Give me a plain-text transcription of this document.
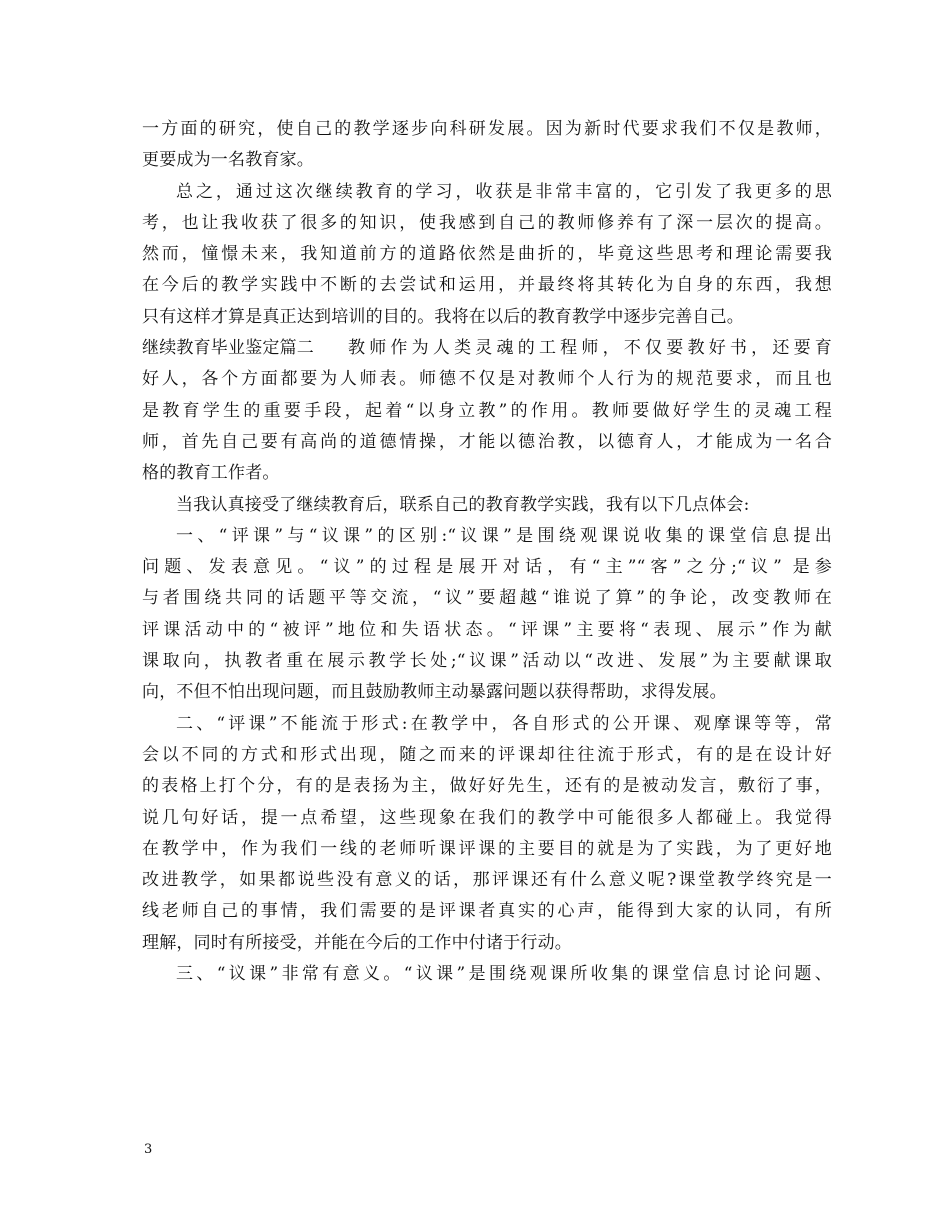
一方面的研究，使自己的教学逐步向科研发展。因为新时代要求我们不仅是教师，
更要成为一名教育家。
总之，通过这次继续教育的学习，收获是非常丰富的，它引发了我更多的思
考，也让我收获了很多的知识，使我感到自己的教师修养有了深一层次的提高。
然而，憧憬未来，我知道前方的道路依然是曲折的，毕竟这些思考和理论需要我
在今后的教学实践中不断的去尝试和运用，并最终将其转化为自身的东西，我想
只有这样才算是真正达到培训的目的。我将在以后的教育教学中逐步完善自己。
继续教育毕业鉴定篇二	教师作为人类灵魂的工程师，不仅要教好书，还要育
好人，各个方面都要为人师表。师德不仅是对教师个人行为的规范要求，而且也
是教育学生的重要手段，起着“以身立教”的作用。教师要做好学生的灵魂工程
师，首先自己要有高尚的道德情操，才能以德治教，以德育人，才能成为一名合
格的教育工作者。
当我认真接受了继续教育后，联系自己的教育教学实践，我有以下几点体会:
一、“评课”与“议课”的区别:“议课”是围绕观课说收集的课堂信息提出
问题、发表意见。“议”的过程是展开对话，有“主”“客”之分;“议” 是参
与者围绕共同的话题平等交流，“议”要超越“谁说了算”的争论，改变教师在
评课活动中的“被评”地位和失语状态。“评课”主要将“表现、展示”作为献
课取向，执教者重在展示教学长处;“议课”活动以“改进、发展”为主要献课取
向，不但不怕出现问题，而且鼓励教师主动暴露问题以获得帮助，求得发展。
二、“评课”不能流于形式:在教学中，各自形式的公开课、观摩课等等，常
会以不同的方式和形式出现，随之而来的评课却往往流于形式，有的是在设计好
的表格上打个分，有的是表扬为主，做好好先生，还有的是被动发言，敷衍了事，
说几句好话，提一点希望，这些现象在我们的教学中可能很多人都碰上。我觉得
在教学中，作为我们一线的老师听课评课的主要目的就是为了实践，为了更好地
改进教学，如果都说些没有意义的话，那评课还有什么意义呢?课堂教学终究是一
线老师自己的事情，我们需要的是评课者真实的心声，能得到大家的认同，有所
理解，同时有所接受，并能在今后的工作中付诸于行动。
三、“议课”非常有意义。“议课”是围绕观课所收集的课堂信息讨论问题、
3
